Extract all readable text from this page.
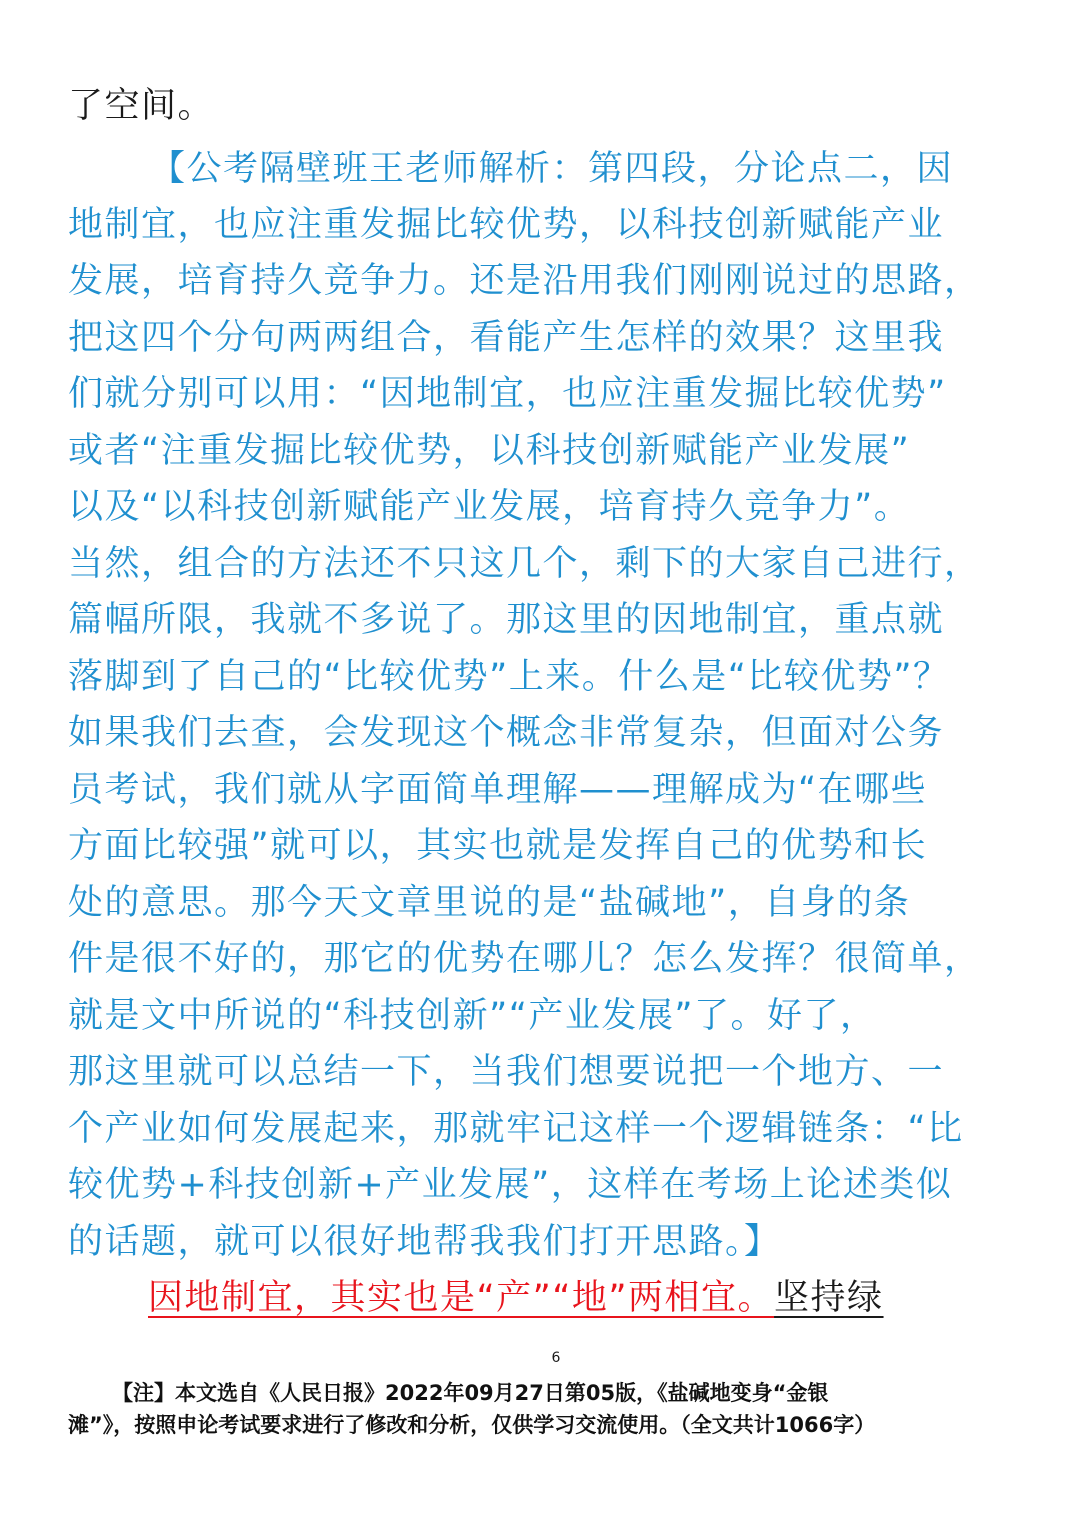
了空间。
【公考隔壁班王老师解析：第四段，分论点二，因
地制宜，也应注重发掘比较优势，以科技创新赋能产业
发展，培育持久竞争力。还是沿用我们刚刚说过的思路，
把这四个分句两两组合，看能产生怎样的效果？这里我
们就分别可以用：“因地制宜，也应注重发掘比较优势”
或者“注重发掘比较优势，以科技创新赋能产业发展”
以及“以科技创新赋能产业发展，培育持久竞争力”。
当然，组合的方法还不只这几个，剩下的大家自己进行，
篇幅所限，我就不多说了。那这里的因地制宜，重点就
落脚到了自己的“比较优势”上来。什么是“比较优势”？
如果我们去查，会发现这个概念非常复杂，但面对公务
员考试，我们就从字面简单理解——理解成为“在哪些
方面比较强”就可以，其实也就是发挥自己的优势和长
处的意思。那今天文章里说的是“盐碱地”，自身的条
件是很不好的，那它的优势在哪儿？怎么发挥？很简单，
就是文中所说的“科技创新”“产业发展”了。好了，
那这里就可以总结一下，当我们想要说把一个地方、一
个产业如何发展起来，那就牢记这样一个逻辑链条：“比
较优势+科技创新+产业发展”，这样在考场上论述类似
的话题，就可以很好地帮我我们打开思路。】
因地制宜，其实也是“产”“地”两相宜。坚持绿
6
【注】本文选自《人民日报》2022年09月27日第05版，《盐碱地变身“金银
滩”》，按照申论考试要求进行了修改和分析，仅供学习交流使用。（全文共计1066字）
